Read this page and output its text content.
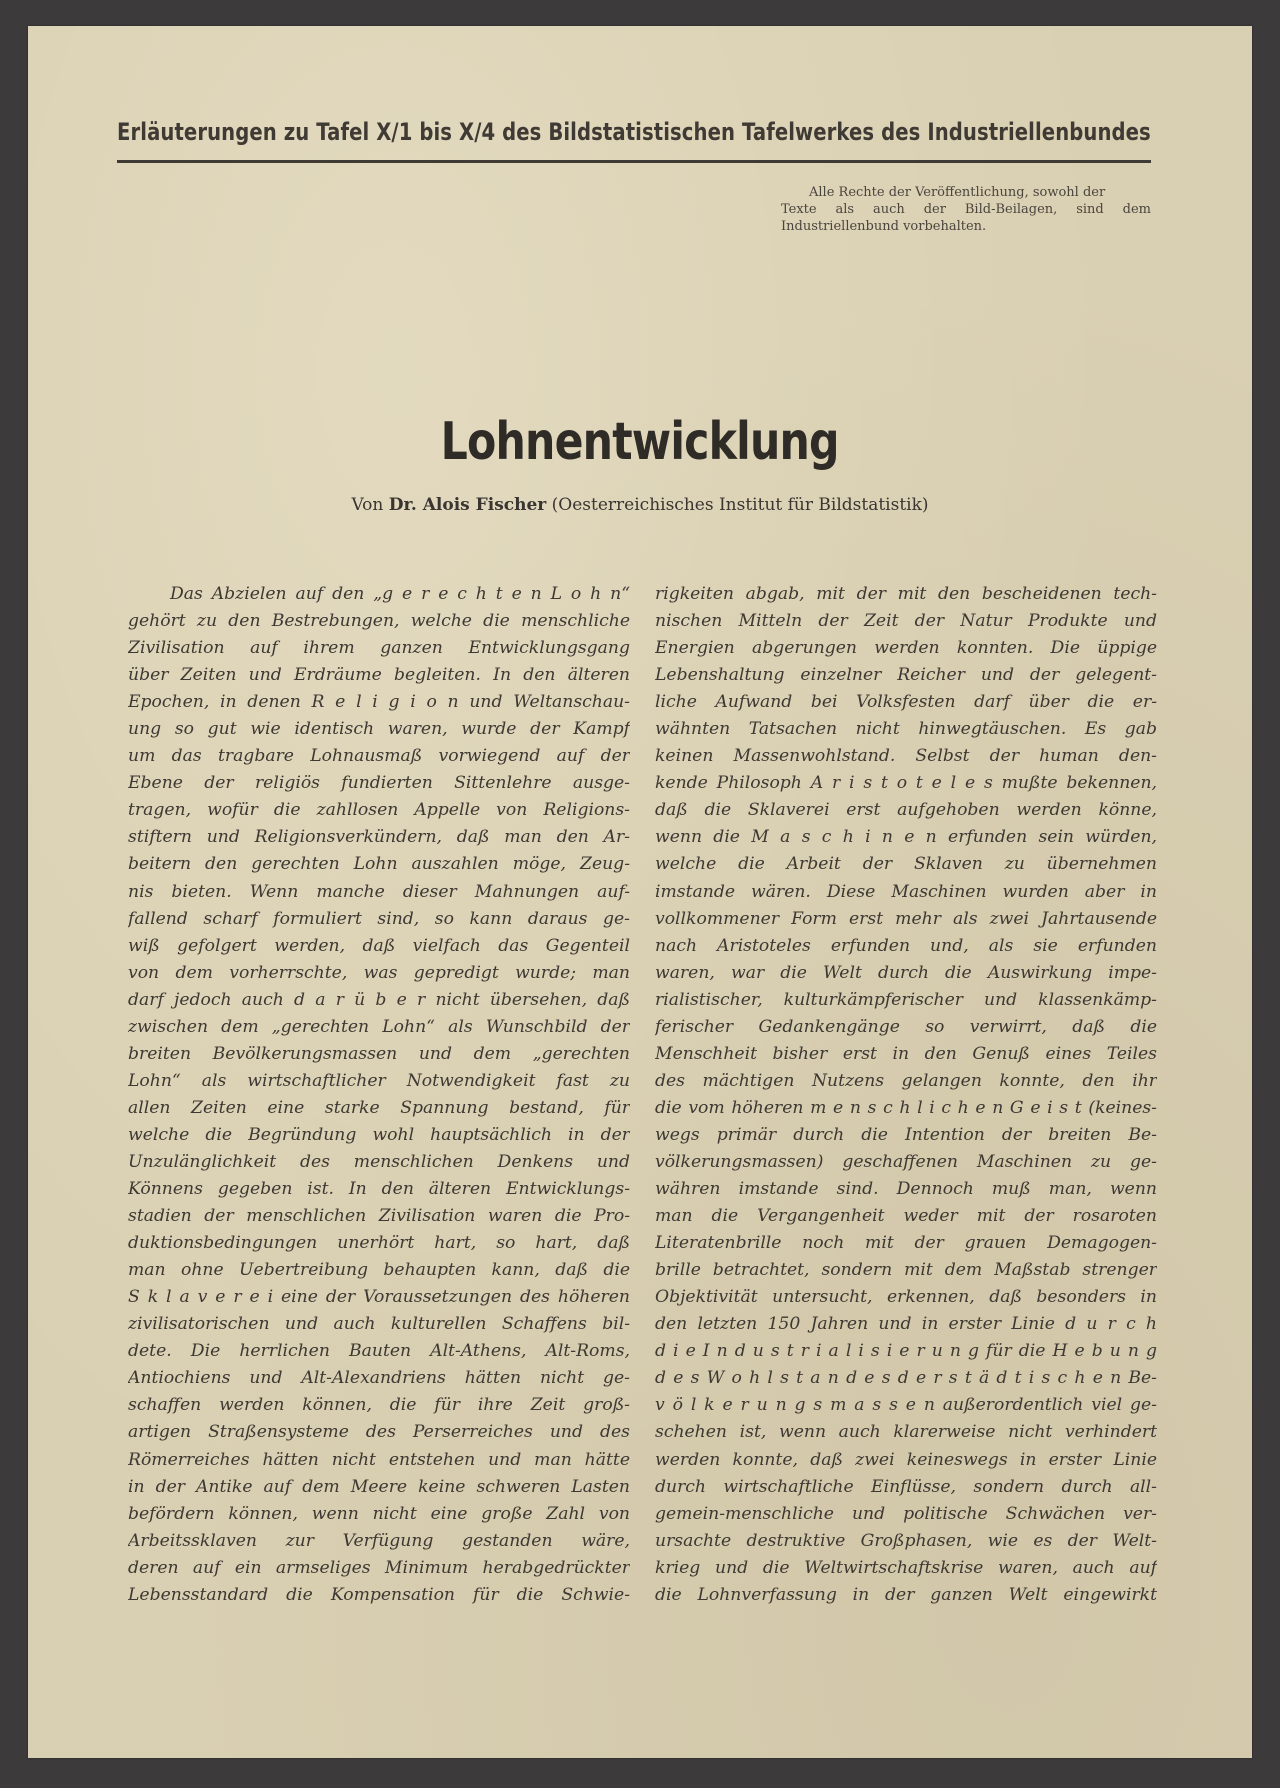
Erläuterungen zu Tafel X/1 bis X/4 des Bildstatistischen Tafelwerkes des Industriellenbundes
Alle Rechte der Veröffentlichung, sowohl der
Texte als auch der Bild-Beilagen, sind dem
Industriellenbund vorbehalten.
Lohnentwicklung
Von Dr. Alois Fischer (Oesterreichisches Institut für Bildstatistik)
Das Abzielen auf den „g e r e c h t e n L o h n“
gehört zu den Bestrebungen, welche die menschliche
Zivilisation auf ihrem ganzen Entwicklungsgang
über Zeiten und Erdräume begleiten. In den älteren
Epochen, in denen R e l i g i o n und Weltanschau-
ung so gut wie identisch waren, wurde der Kampf
um das tragbare Lohnausmaß vorwiegend auf der
Ebene der religiös fundierten Sittenlehre ausge-
tragen, wofür die zahllosen Appelle von Religions-
stiftern und Religionsverkündern, daß man den Ar-
beitern den gerechten Lohn auszahlen möge, Zeug-
nis bieten. Wenn manche dieser Mahnungen auf-
fallend scharf formuliert sind, so kann daraus ge-
wiß gefolgert werden, daß vielfach das Gegenteil
von dem vorherrschte, was gepredigt wurde; man
darf jedoch auch d a r ü b e r nicht übersehen, daß
zwischen dem „gerechten Lohn“ als Wunschbild der
breiten Bevölkerungsmassen und dem „gerechten
Lohn“ als wirtschaftlicher Notwendigkeit fast zu
allen Zeiten eine starke Spannung bestand, für
welche die Begründung wohl hauptsächlich in der
Unzulänglichkeit des menschlichen Denkens und
Könnens gegeben ist. In den älteren Entwicklungs-
stadien der menschlichen Zivilisation waren die Pro-
duktionsbedingungen unerhört hart, so hart, daß
man ohne Uebertreibung behaupten kann, daß die
S k l a v e r e i eine der Voraussetzungen des höheren
zivilisatorischen und auch kulturellen Schaffens bil-
dete. Die herrlichen Bauten Alt-Athens, Alt-Roms,
Antiochiens und Alt-Alexandriens hätten nicht ge-
schaffen werden können, die für ihre Zeit groß-
artigen Straßensysteme des Perserreiches und des
Römerreiches hätten nicht entstehen und man hätte
in der Antike auf dem Meere keine schweren Lasten
befördern können, wenn nicht eine große Zahl von
Arbeitssklaven zur Verfügung gestanden wäre,
deren auf ein armseliges Minimum herabgedrückter
Lebensstandard die Kompensation für die Schwie-
rigkeiten abgab, mit der mit den bescheidenen tech-
nischen Mitteln der Zeit der Natur Produkte und
Energien abgerungen werden konnten. Die üppige
Lebenshaltung einzelner Reicher und der gelegent-
liche Aufwand bei Volksfesten darf über die er-
wähnten Tatsachen nicht hinwegtäuschen. Es gab
keinen Massenwohlstand. Selbst der human den-
kende Philosoph A r i s t o t e l e s mußte bekennen,
daß die Sklaverei erst aufgehoben werden könne,
wenn die M a s c h i n e n erfunden sein würden,
welche die Arbeit der Sklaven zu übernehmen
imstande wären. Diese Maschinen wurden aber in
vollkommener Form erst mehr als zwei Jahrtausende
nach Aristoteles erfunden und, als sie erfunden
waren, war die Welt durch die Auswirkung impe-
rialistischer, kulturkämpferischer und klassenkämp-
ferischer Gedankengänge so verwirrt, daß die
Menschheit bisher erst in den Genuß eines Teiles
des mächtigen Nutzens gelangen konnte, den ihr
die vom höheren m e n s c h l i c h e n G e i s t (keines-
wegs primär durch die Intention der breiten Be-
völkerungsmassen) geschaffenen Maschinen zu ge-
währen imstande sind. Dennoch muß man, wenn
man die Vergangenheit weder mit der rosaroten
Literatenbrille noch mit der grauen Demagogen-
brille betrachtet, sondern mit dem Maßstab strenger
Objektivität untersucht, erkennen, daß besonders in
den letzten 150 Jahren und in erster Linie d u r c h
d i e I n d u s t r i a l i s i e r u n g für die H e b u n g
d e s W o h l s t a n d e s d e r s t ä d t i s c h e n Be-
v ö l k e r u n g s m a s s e n außerordentlich viel ge-
schehen ist, wenn auch klarerweise nicht verhindert
werden konnte, daß zwei keineswegs in erster Linie
durch wirtschaftliche Einflüsse, sondern durch all-
gemein-menschliche und politische Schwächen ver-
ursachte destruktive Großphasen, wie es der Welt-
krieg und die Weltwirtschaftskrise waren, auch auf
die Lohnverfassung in der ganzen Welt eingewirkt
